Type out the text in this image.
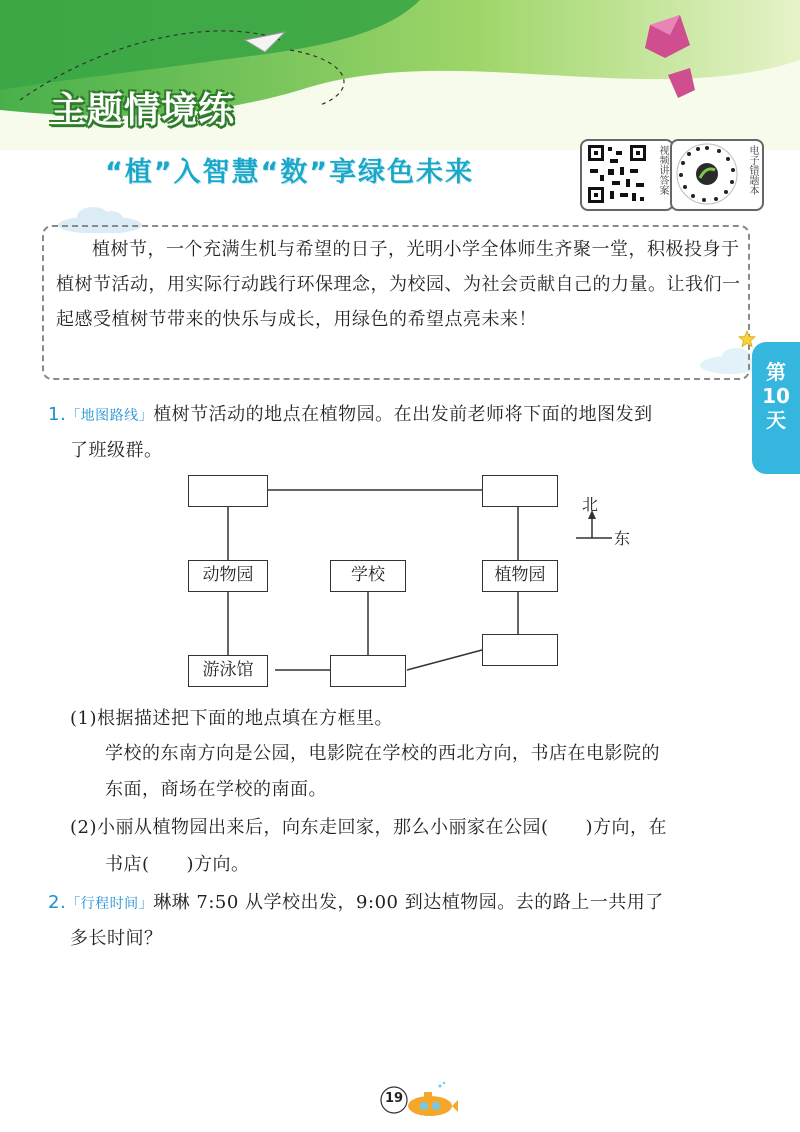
主题情境练
“植”入智慧“数”享绿色未来	视频讲答案	电子错题本
植树节，一个充满生机与希望的日子，光明小学全体师生齐聚一堂，积极投身于植树节活动，用实际行动践行环保理念，为校园、为社会贡献自己的力量。让我们一起感受植树节带来的快乐与成长，用绿色的希望点亮未来！
第
10
天
1.「地图路线」植树节活动的地点在植物园。在出发前老师将下面的地图发到
了班级群。
动物园	学校	植物园
游泳馆
北
东
(1)根据描述把下面的地点填在方框里。
学校的东南方向是公园，电影院在学校的西北方向，书店在电影院的
东面，商场在学校的南面。
(2)小丽从植物园出来后，向东走回家，那么小丽家在公园(　　)方向，在
书店(　　)方向。
2.「行程时间」琳琳 7:50 从学校出发，9:00 到达植物园。去的路上一共用了
多长时间？
19
